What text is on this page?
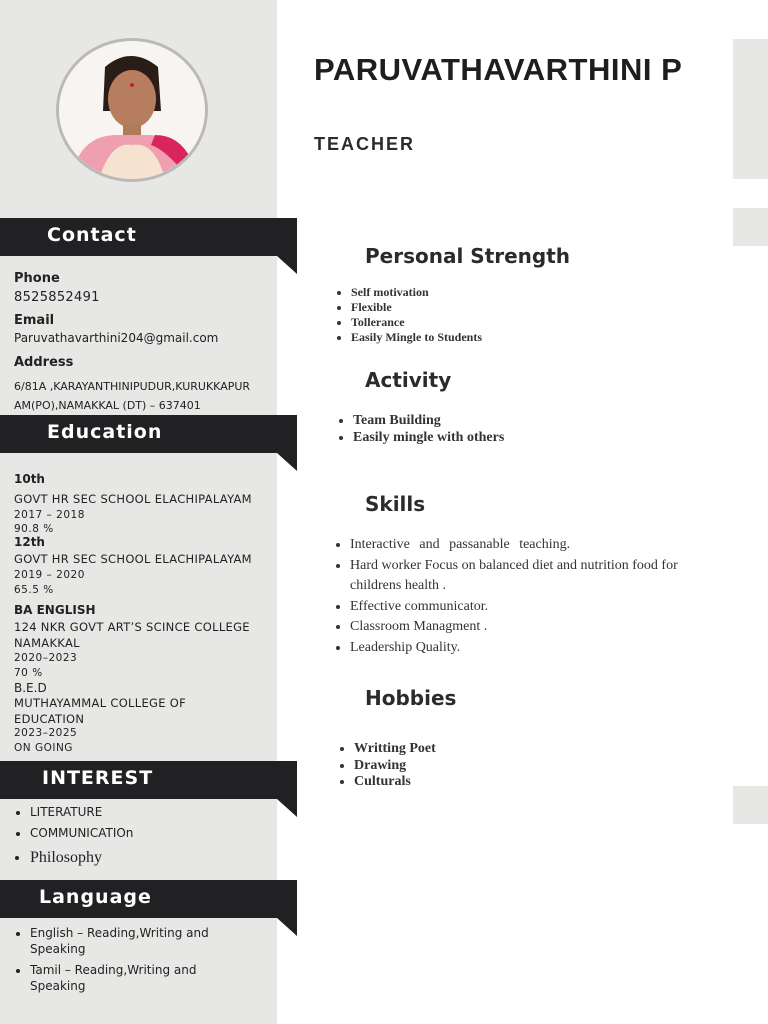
Contact
Phone
8525852491
Email
Paruvathavarthini204@gmail.com
Address
6/81A ,KARAYANTHINIPUDUR,KURUKKAPUR
AM(PO),NAMAKKAL (DT) – 637401
Education
10th
GOVT HR SEC SCHOOL ELACHIPALAYAM
2017 – 2018
90.8 %
12th
GOVT HR SEC SCHOOL ELACHIPALAYAM
2019 – 2020
65.5 %
BA ENGLISH
124 NKR GOVT ART’S SCINCE COLLEGE
NAMAKKAL
2020–2023
70 %
B.E.D
MUTHAYAMMAL COLLEGE OF
EDUCATION
2023–2025
ON GOING
INTEREST
• LITERATURE
• COMMUNICATIOn
• Philosophy
Language
• English – Reading,Writing and
Speaking
• Tamil – Reading,Writing and
Speaking
PARUVATHAVARTHINI P
TEACHER
Personal Strength
• Self motivation
• Flexible
• Tollerance
• Easily Mingle to Students
Activity
• Team Building
• Easily mingle with others
Skills
• Interactive and passanable teaching.
• Hard worker Focus on balanced diet and nutrition food for childrens health .
• Effective communicator.
• Classroom Managment .
• Leadership Quality.
Hobbies
• Writting Poet
• Drawing
• Culturals
